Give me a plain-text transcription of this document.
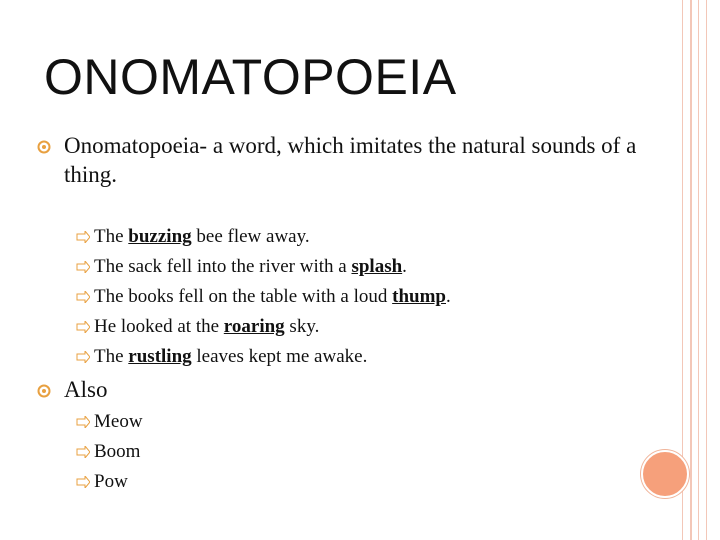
ONOMATOPOEIA
Onomatopoeia- a word, which imitates the natural sounds of a thing.
The buzzing bee flew away.
The sack fell into the river with a splash.
The books fell on the table with a loud thump.
He looked at the roaring sky.
The rustling leaves kept me awake.
Also
Meow
Boom
Pow
